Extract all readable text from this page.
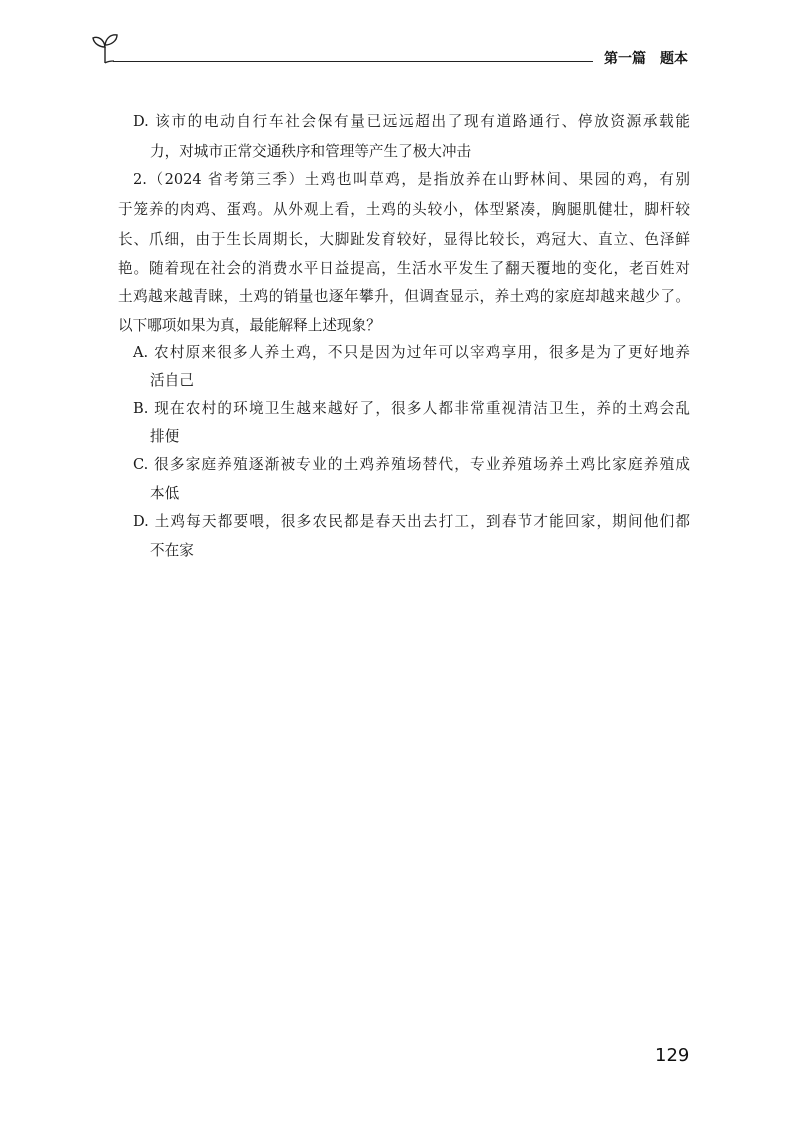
第一篇　题本
D. 该市的电动自行车社会保有量已远远超出了现有道路通行、停放资源承载能
力，对城市正常交通秩序和管理等产生了极大冲击
2.（2024 省考第三季）土鸡也叫草鸡，是指放养在山野林间、果园的鸡，有别
于笼养的肉鸡、蛋鸡。从外观上看，土鸡的头较小，体型紧凑，胸腿肌健壮，脚杆较
长、爪细，由于生长周期长，大脚趾发育较好，显得比较长，鸡冠大、直立、色泽鲜
艳。随着现在社会的消费水平日益提高，生活水平发生了翻天覆地的变化，老百姓对
土鸡越来越青睐，土鸡的销量也逐年攀升，但调查显示，养土鸡的家庭却越来越少了。
以下哪项如果为真，最能解释上述现象？
A. 农村原来很多人养土鸡，不只是因为过年可以宰鸡享用，很多是为了更好地养
活自己
B. 现在农村的环境卫生越来越好了，很多人都非常重视清洁卫生，养的土鸡会乱
排便
C. 很多家庭养殖逐渐被专业的土鸡养殖场替代，专业养殖场养土鸡比家庭养殖成
本低
D. 土鸡每天都要喂，很多农民都是春天出去打工，到春节才能回家，期间他们都
不在家
129
